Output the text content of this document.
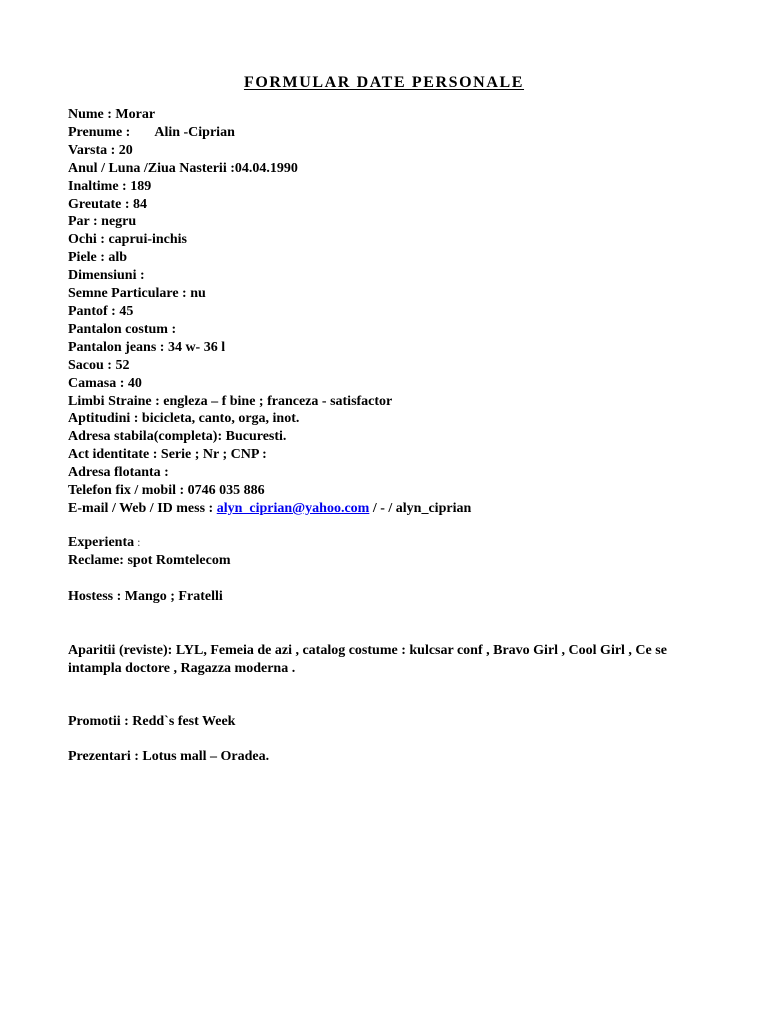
FORMULAR DATE PERSONALE
Nume : Morar
Prenume : Alin -Ciprian
Varsta : 20
Anul / Luna /Ziua Nasterii :04.04.1990
Inaltime : 189
Greutate : 84
Par : negru
Ochi : caprui-inchis
Piele : alb
Dimensiuni :
Semne Particulare : nu
Pantof : 45
Pantalon costum :
Pantalon jeans : 34 w- 36 l
Sacou : 52
Camasa : 40
Limbi Straine : engleza – f bine ; franceza - satisfactor
Aptitudini : bicicleta, canto, orga, inot.
Adresa stabila(completa): Bucuresti.
Act identitate : Serie ; Nr ; CNP :
Adresa flotanta :
Telefon fix / mobil : 0746 035 886
E-mail / Web / ID mess : alyn_ciprian@yahoo.com / - / alyn_ciprian
Experienta :
Reclame: spot Romtelecom
Hostess : Mango ; Fratelli
Aparitii (reviste): LYL, Femeia de azi , catalog costume : kulcsar conf , Bravo Girl , Cool Girl , Ce se intampla doctore , Ragazza moderna .
Promotii : Redd`s fest Week
Prezentari : Lotus mall – Oradea.
